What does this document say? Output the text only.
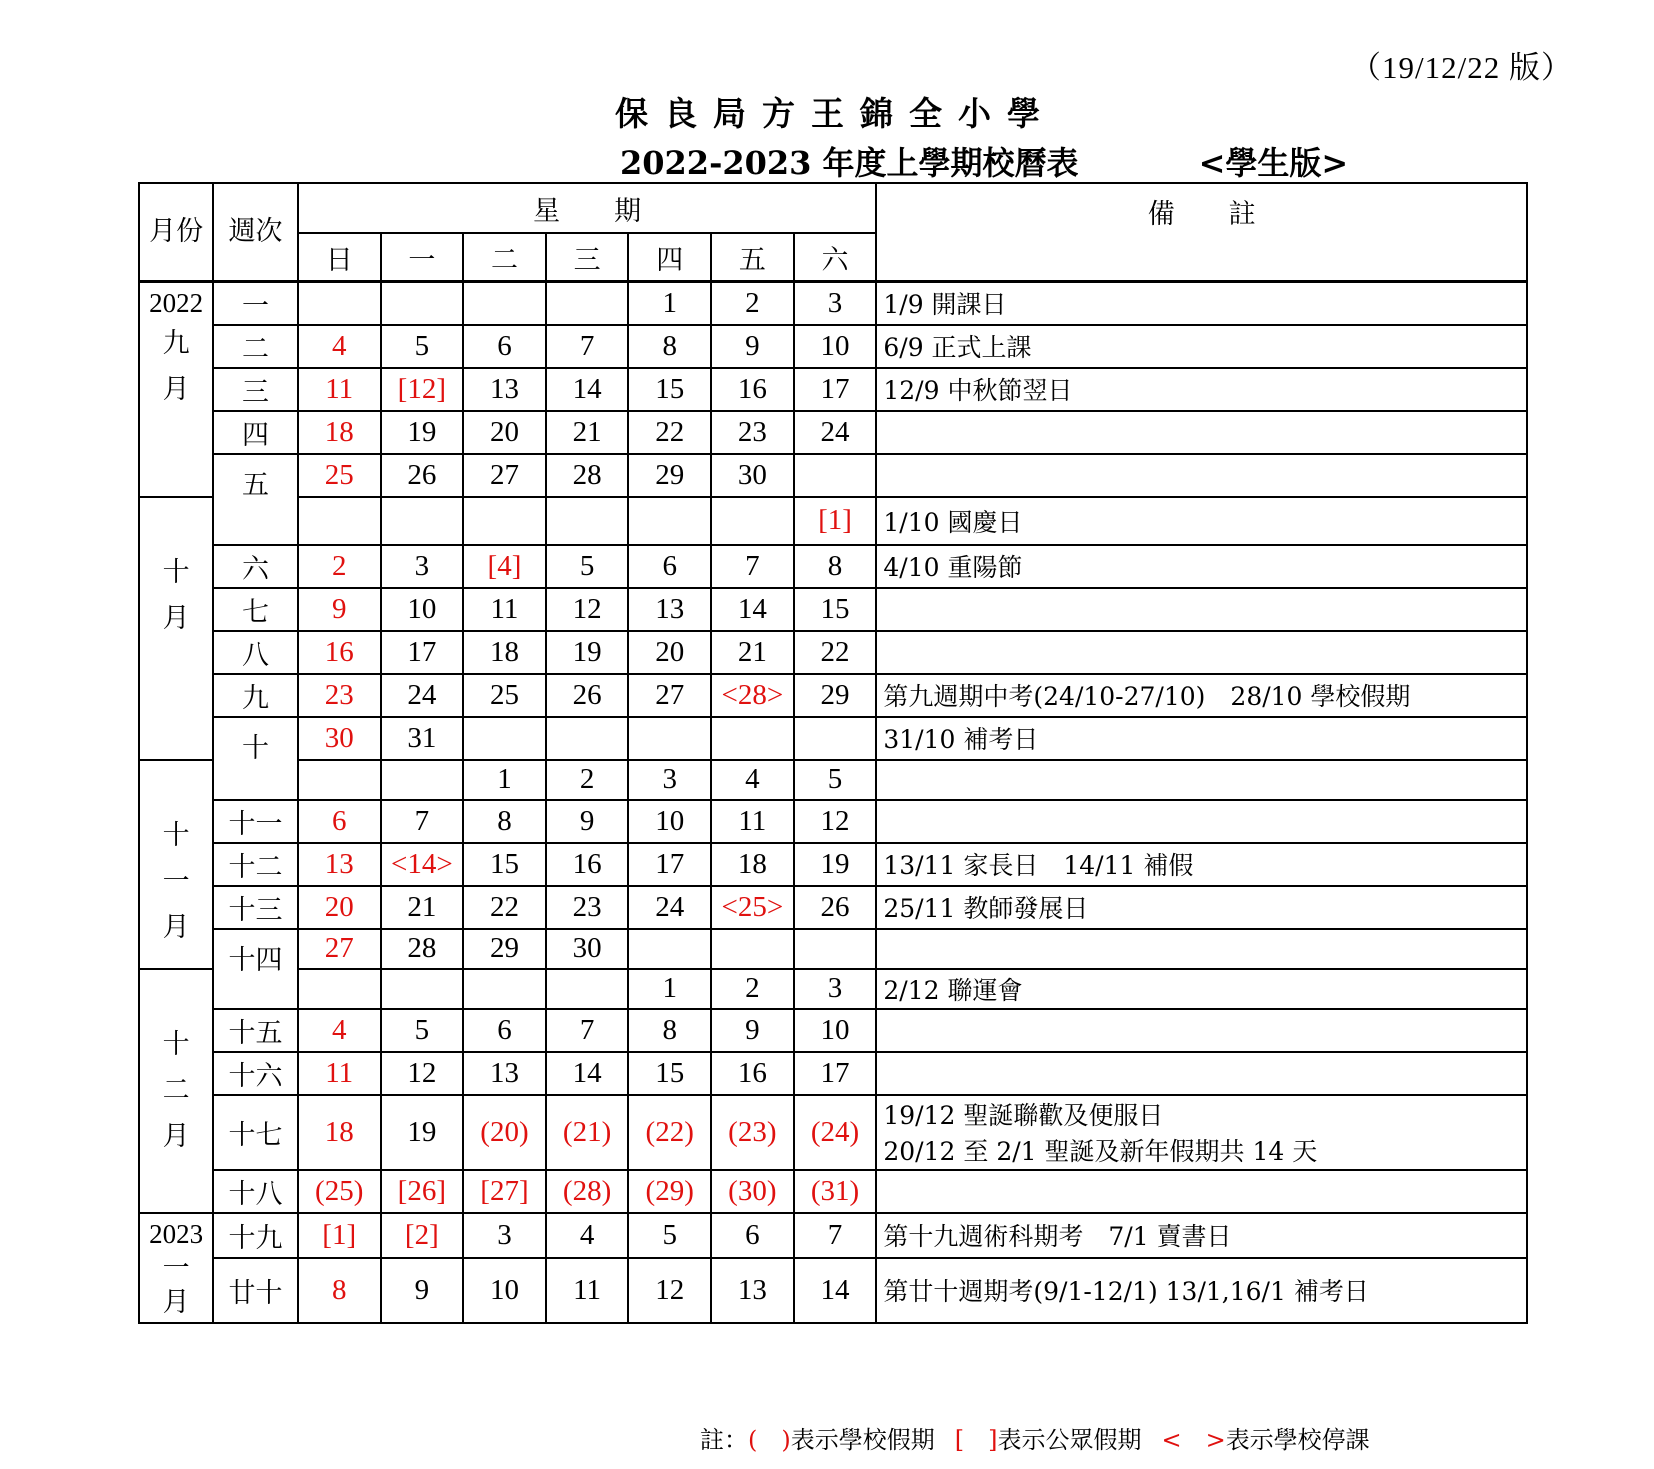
（19/12/22 版）
保良局方王錦全小學
2022-2023 年度上學期校曆表	<學生版>
月份	週次	星　　期							備　　註
		日	一	二	三	四	五	六	

2022
九月	一					1	2	3	1/9 開課日

	二	4	5	6	7	8	9	10	6/9 正式上課

	三	11	[12]	13	14	15	16	17	12/9 中秋節翌日

	四	18	19	20	21	22	23	24	

	五	25	26	27	28	29	30		

十月								[1]	1/10 國慶日

	六	2	3	[4]	5	6	7	8	4/10 重陽節

	七	9	10	11	12	13	14	15	

	八	16	17	18	19	20	21	22	

	九	23	24	25	26	27	<28>	29	第九週期中考(24/10-27/10)　28/10 學校假期

	十	30	31						31/10 補考日

十一月				1	2	3	4	5	

	十一	6	7	8	9	10	11	12	

	十二	13	<14>	15	16	17	18	19	13/11 家長日　14/11 補假

	十三	20	21	22	23	24	<25>	26	25/11 教師發展日

	十四	27	28	29	30				

十二月						1	2	3	2/12 聯運會

	十五	4	5	6	7	8	9	10	

	十六	11	12	13	14	15	16	17	

	十七	18	19	(20)	(21)	(22)	(23)	(24)	19/12 聖誕聯歡及便服日
20/12 至 2/1 聖誕及新年假期共 14 天

	十八	(25)	[26]	[27]	(28)	(29)	(30)	(31)	

2023
一月	十九	[1]	[2]	3	4	5	6	7	第十九週術科期考　7/1 賣書日

	廿十	8	9	10	11	12	13	14	第廿十週期考(9/1-12/1) 13/1,16/1 補考日
註：(　)表示學校假期 [　]表示公眾假期 <　>表示學校停課
